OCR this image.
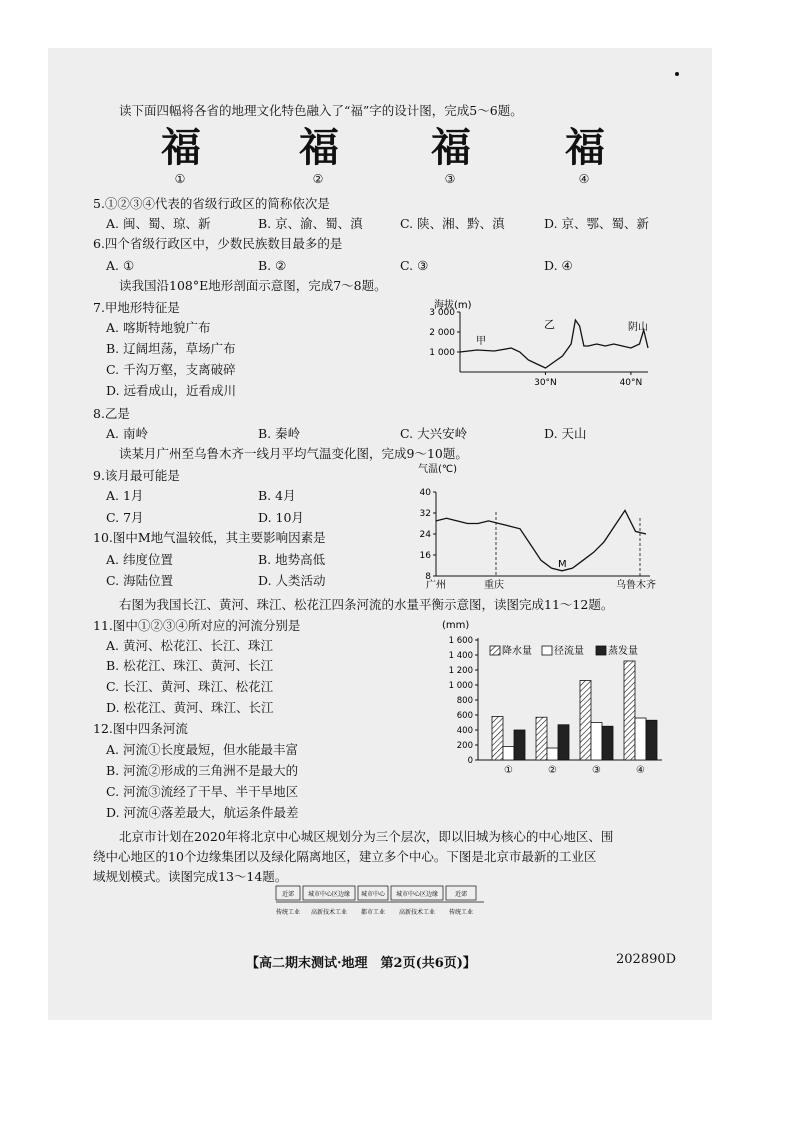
读下面四幅将各省的地理文化特色融入了“福”字的设计图，完成5～6题。
福
①
福
②
福
③
福
④
5.①②③④代表的省级行政区的简称依次是
A. 闽、蜀、琼、新	B. 京、渝、蜀、滇	C. 陕、湘、黔、滇	D. 京、鄂、蜀、新
6.四个省级行政区中，少数民族数目最多的是
A. ①	B. ②	C. ③	D. ④
读我国沿108°E地形剖面示意图，完成7～8题。
7.甲地形特征是
A. 喀斯特地貌广布
B. 辽阔坦荡，草场广布
C. 千沟万壑，支离破碎
D. 远看成山，近看成川
海拔(m)
3 000
2 000
1 000
甲
乙	阴山
30°N	40°N
8.乙是
A. 南岭	B. 秦岭	C. 大兴安岭	D. 天山
读某月广州至乌鲁木齐一线月平均气温变化图，完成9～10题。
9.该月最可能是
A. 1月	B. 4月
C. 7月	D. 10月
10.图中M地气温较低，其主要影响因素是
A. 纬度位置	B. 地势高低
C. 海陆位置	D. 人类活动
气温(℃)
40
32
24
16
8
M
广州	重庆	乌鲁木齐
右图为我国长江、黄河、珠江、松花江四条河流的水量平衡示意图，读图完成11～12题。
11.图中①②③④所对应的河流分别是
A. 黄河、松花江、长江、珠江
B. 松花江、珠江、黄河、长江
C. 长江、黄河、珠江、松花江
D. 松花江、黄河、珠江、长江
12.图中四条河流
A. 河流①长度最短，但水能最丰富
B. 河流②形成的三角洲不是最大的
C. 河流③流经了干旱、半干旱地区
D. 河流④落差最大，航运条件最差
(mm)
1 600
1 400
1 200
1 000
800
600
400
200
0
①	②	③	④
降水量 径流量 蒸发量
北京市计划在2020年将北京中心城区规划分为三个层次，即以旧城为核心的中心地区、围
绕中心地区的10个边缘集团以及绿化隔离地区，建立多个中心。下图是北京市最新的工业区
域规划模式。读图完成13～14题。
近郊 城市中心区边缘 城市中心 城市中心区边缘	近郊
传统工业 高新技术工业 都市工业 高新技术工业 传统工业
【高二期末测试·地理　第2页(共6页)】	202890D
